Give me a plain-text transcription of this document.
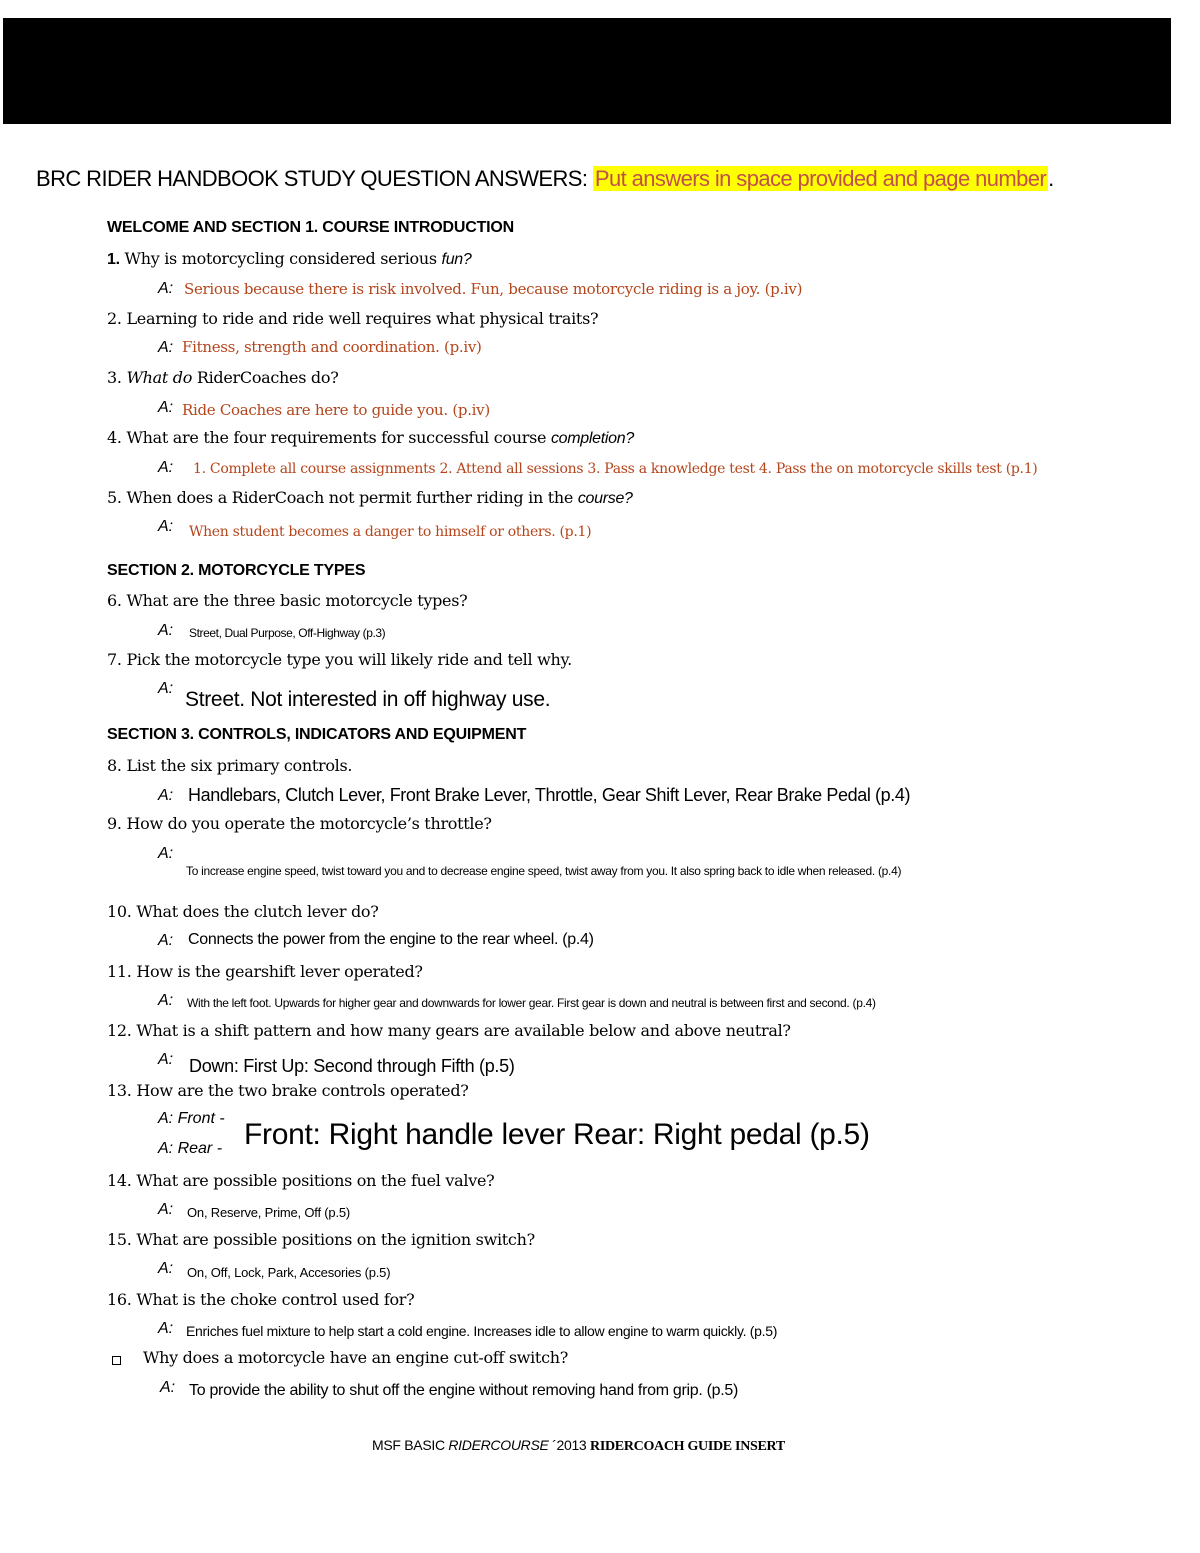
BRC RIDER HANDBOOK STUDY QUESTION ANSWERS: Put answers in space provided and page number.
WELCOME AND SECTION 1. COURSE INTRODUCTION
1. Why is motorcycling considered serious fun?
A: Serious because there is risk involved. Fun, because motorcycle riding is a joy. (p.iv)
2. Learning to ride and ride well requires what physical traits?
A: Fitness, strength and coordination. (p.iv)
3. What do RiderCoaches do?
A: Ride Coaches are here to guide you. (p.iv)
4. What are the four requirements for successful course completion?
A: 1. Complete all course assignments 2. Attend all sessions 3. Pass a knowledge test 4. Pass the on motorcycle skills test (p.1)
5. When does a RiderCoach not permit further riding in the course?
A: When student becomes a danger to himself or others. (p.1)
SECTION 2. MOTORCYCLE TYPES
6. What are the three basic motorcycle types?
A: Street, Dual Purpose, Off-Highway (p.3)
7. Pick the motorcycle type you will likely ride and tell why.
A: Street. Not interested in off highway use.
SECTION 3. CONTROLS, INDICATORS AND EQUIPMENT
8. List the six primary controls.
A: Handlebars, Clutch Lever, Front Brake Lever, Throttle, Gear Shift Lever, Rear Brake Pedal (p.4)
9. How do you operate the motorcycle’s throttle?
A:
To increase engine speed, twist toward you and to decrease engine speed, twist away from you. It also spring back to idle when released. (p.4)
10. What does the clutch lever do?
A: Connects the power from the engine to the rear wheel. (p.4)
11. How is the gearshift lever operated?
A: With the left foot. Upwards for higher gear and downwards for lower gear. First gear is down and neutral is between first and second. (p.4)
12. What is a shift pattern and how many gears are available below and above neutral?
A: Down: First Up: Second through Fifth (p.5)
13. How are the two brake controls operated?
A: Front -
A: Rear - Front: Right handle lever Rear: Right pedal (p.5)
14. What are possible positions on the fuel valve?
A: On, Reserve, Prime, Off (p.5)
15. What are possible positions on the ignition switch?
A: On, Off, Lock, Park, Accesories (p.5)
16. What is the choke control used for?
A: Enriches fuel mixture to help start a cold engine. Increases idle to allow engine to warm quickly. (p.5)
Why does a motorcycle have an engine cut-off switch?
A: To provide the ability to shut off the engine without removing hand from grip. (p.5)
MSF BASIC RIDERCOURSE ´2013 RIDERCOACH GUIDE INSERT
